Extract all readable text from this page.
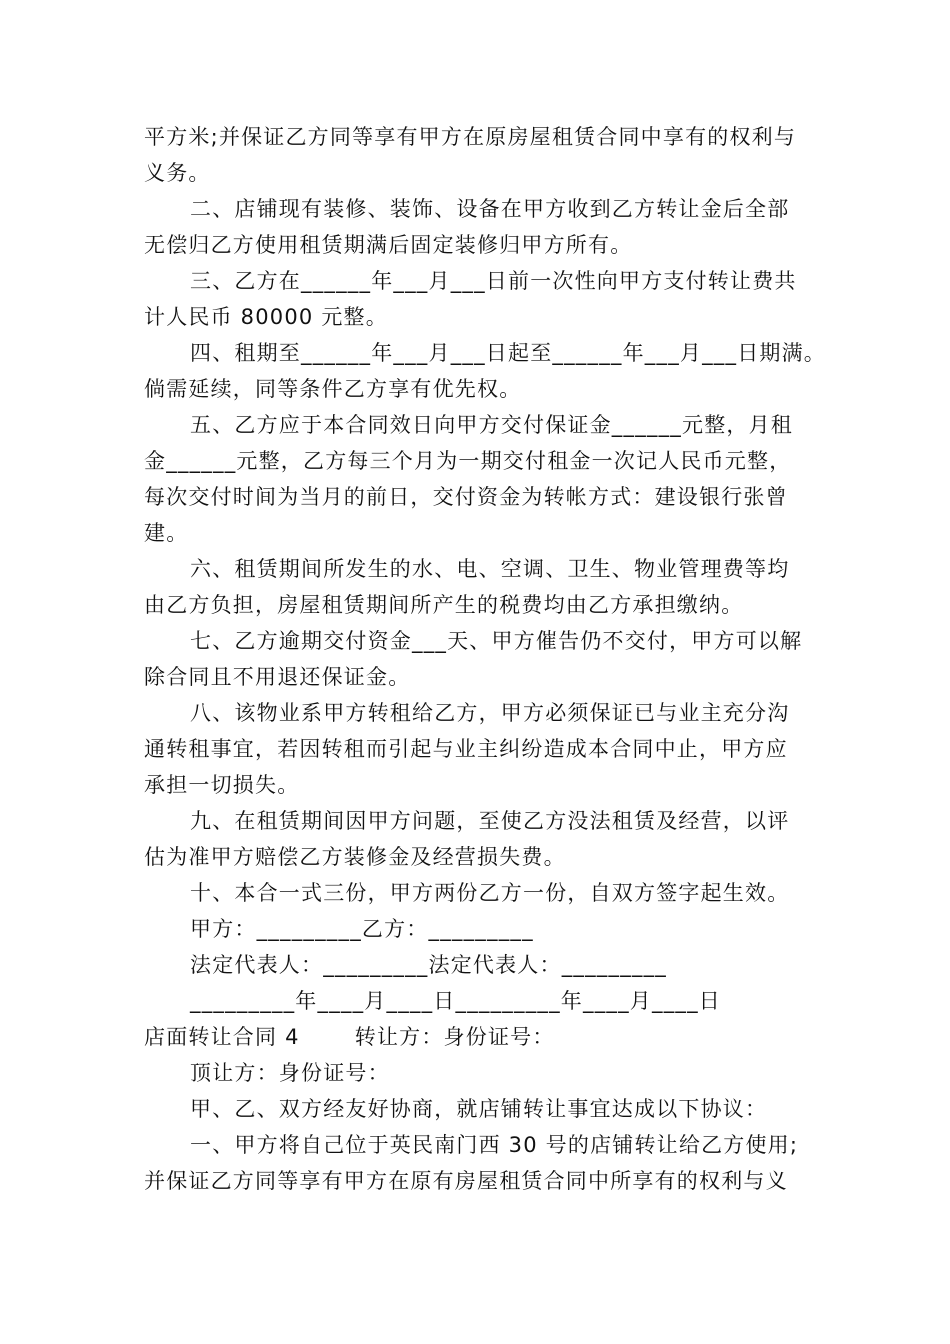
平方米;并保证乙方同等享有甲方在原房屋租赁合同中享有的权利与

义务。

二、店铺现有装修、装饰、设备在甲方收到乙方转让金后全部

无偿归乙方使用租赁期满后固定装修归甲方所有。

三、乙方在______年___月___日前一次性向甲方支付转让费共

计人民币 80000 元整。

四、租期至______年___月___日起至______年___月___日期满。

倘需延续，同等条件乙方享有优先权。

五、乙方应于本合同效日向甲方交付保证金______元整，月租

金______元整，乙方每三个月为一期交付租金一次记人民币元整，

每次交付时间为当月的前日，交付资金为转帐方式：建设银行张曾

建。

六、租赁期间所发生的水、电、空调、卫生、物业管理费等均

由乙方负担，房屋租赁期间所产生的税费均由乙方承担缴纳。

七、乙方逾期交付资金___天、甲方催告仍不交付，甲方可以解

除合同且不用退还保证金。

八、该物业系甲方转租给乙方，甲方必须保证已与业主充分沟

通转租事宜，若因转租而引起与业主纠纷造成本合同中止，甲方应

承担一切损失。

九、在租赁期间因甲方问题，至使乙方没法租赁及经营，以评

估为准甲方赔偿乙方装修金及经营损失费。

十、本合一式三份，甲方两份乙方一份，自双方签字起生效。

甲方：_________乙方：_________

法定代表人：_________法定代表人：_________

_________年____月____日_________年____月____日

店面转让合同 4       转让方：身份证号：

顶让方：身份证号：

甲、乙、双方经友好协商，就店铺转让事宜达成以下协议：

一、甲方将自己位于英民南门西 30 号的店铺转让给乙方使用;

并保证乙方同等享有甲方在原有房屋租赁合同中所享有的权利与义
